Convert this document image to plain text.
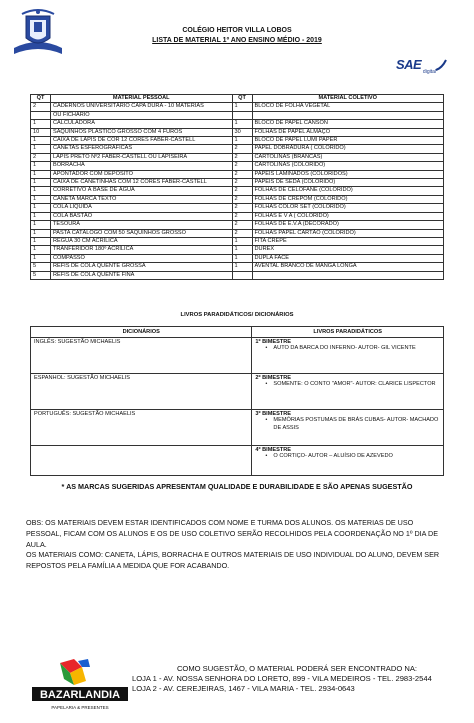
COLÉGIO HEITOR VILLA LOBOS
LISTA DE MATERIAL 1º ANO ENSINO MÉDIO - 2019
SAE digital
QT	MATERIAL PESSOAL	QT	MATERIAL COLETIVO
2	CADERNOS UNIVERSITÁRIO CAPA DURA - 10 MATERIAS	1	BLOCO DE FOLHA VEGETAL
	OU FICHÁRIO		
1	CALCULADORA	1	BLOCO DE PAPEL CANSON
10	SAQUINHOS PLÁSTICO GROSSO COM 4 FUROS	30	FOLHAS DE PAPEL ALMAÇO
1	CAIXA DE LÁPIS DE COR 12 CORES FABER-CASTELL	1	BLOCO DE PAPEL LUMI PAPER
1	CANETAS ESFEROGRÁFICAS	2	PAPEL DOBRADURA ( COLORIDO)
2	LÁPIS PRETO Nº2 FABER-CASTELL OU LAPISEIRA	2	CARTOLINAS (BRANCAS)
1	BORRACHA	2	CARTOLINAS (COLORIDO)
1	APONTADOR COM DEPOSITO	2	PAPEIS LAMINADOS (COLORIDOS)
1	CAIXA DE CANETINHAS COM 12 CORES FABER-CASTELL	2	PAPEIS DE SEDA (COLORIDO)
1	CORRETIVO À BASE DE ÁGUA	2	FOLHAS DE CELOFANE (COLORIDO)
1	CANETA MARCA TEXTO	2	FOLHAS DE CREPOM (COLORIDO)
1	COLA LIQUIDA	2	FOLHAS COLOR SET (COLORIDO)
1	COLA BASTÃO	2	FOLHAS E V A ( COLORIDO)
1	TESOURA	2	FOLHAS DE E.V.A (DECORADO)
1	PASTA CATÁLOGO COM 50 SAQUINHOS GROSSO	2	FOLHAS PAPEL CARTÃO (COLORIDO)
1	RÉGUA 30 CM ACRÍLICA	1	FITA CREPE
1	TRANFERIDOR 180º ACRÍLICA	1	DUREX
1	COMPASSO	1	DUPLA FACE
5	REFIS DE COLA QUENTE GROSSA	1	AVENTAL BRANCO DE MANGA LONGA
5	REFIS DE COLA QUENTE FINA		
LIVROS PARADIDÁTICOS/ DICIONÁRIOS
DICIONÁRIOS	LIVROS PARADIDÁTICOS
INGLÊS: SUGESTÃO MICHAELIS	1º BIMESTRE
• AUTO DA BARCA DO INFERNO- AUTOR- GIL VICENTE

ESPANHOL: SUGESTÃO MICHAELIS	2º BIMESTRE
• SOMENTE: O CONTO "AMOR"- AUTOR: CLARICE LISPECTOR

PORTUGUÊS: SUGESTÃO MICHAELIS	3º BIMESTRE
• MEMÓRIAS POSTUMAS DE BRÁS CUBAS- AUTOR- MACHADO DE ASSIS

	4º BIMESTRE
• O CORTIÇO- AUTOR – ALUÍSIO DE AZEVEDO
* AS MARCAS SUGERIDAS APRESENTAM QUALIDADE E DURABILIDADE E SÃO APENAS SUGESTÃO
OBS: OS MATERIAIS DEVEM ESTAR IDENTIFICADOS COM NOME E TURMA DOS ALUNOS. OS MATERIAS DE USO PESSOAL, FICAM COM OS ALUNOS E OS DE USO COLETIVO SERÃO RECOLHIDOS PELA COORDENAÇÃO NO 1º DIA DE AULA.
OS MATERIAIS COMO: CANETA, LÁPIS, BORRACHA E OUTROS MATERIAIS DE USO INDIVIDUAL DO ALUNO, DEVEM SER REPOSTOS PELA FAMÍLIA A MEDIDA QUE FOR ACABANDO.
BAZARLANDIA
PAPELARIA & PRESENTES
COMO SUGESTÃO, O MATERIAL PODERÁ SER ENCONTRADO NA:
LOJA 1 - AV. NOSSA SENHORA DO LORETO, 899 - VILA MEDEIROS - TEL. 2983-2544
LOJA 2 - AV. CEREJEIRAS, 1467 - VILA MARIA - TEL. 2934-0643
